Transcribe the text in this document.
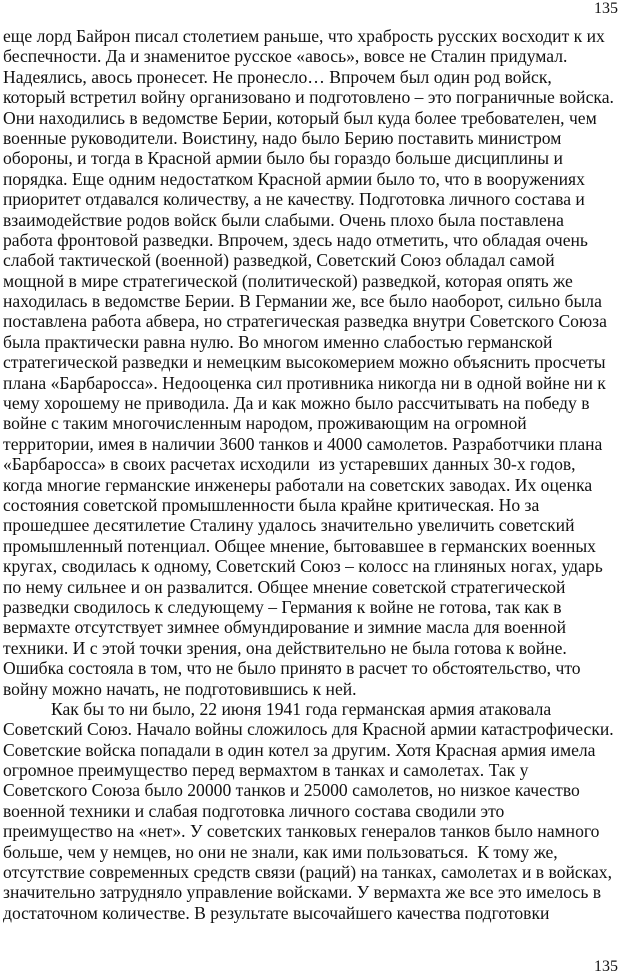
135
еще лорд Байрон писал столетием раньше, что храбрость русских восходит к их
беспечности. Да и знаменитое русское «авось», вовсе не Сталин придумал.
Надеялись, авось пронесет. Не пронесло… Впрочем был один род войск,
который встретил войну организовано и подготовлено – это пограничные войска.
Они находились в ведомстве Берии, который был куда более требователен, чем
военные руководители. Воистину, надо было Берию поставить министром
обороны, и тогда в Красной армии было бы гораздо больше дисциплины и
порядка. Еще одним недостатком Красной армии было то, что в вооружениях
приоритет отдавался количеству, а не качеству. Подготовка личного состава и
взаимодействие родов войск были слабыми. Очень плохо была поставлена
работа фронтовой разведки. Впрочем, здесь надо отметить, что обладая очень
слабой тактической (военной) разведкой, Советский Союз обладал самой
мощной в мире стратегической (политической) разведкой, которая опять же
находилась в ведомстве Берии. В Германии же, все было наоборот, сильно была
поставлена работа абвера, но стратегическая разведка внутри Советского Союза
была практически равна нулю. Во многом именно слабостью германской
стратегической разведки и немецким высокомерием можно объяснить просчеты
плана «Барбаросса». Недооценка сил противника никогда ни в одной войне ни к
чему хорошему не приводила. Да и как можно было рассчитывать на победу в
войне с таким многочисленным народом, проживающим на огромной
территории, имея в наличии 3600 танков и 4000 самолетов. Разработчики плана
«Барбаросса» в своих расчетах исходили  из устаревших данных 30-х годов,
когда многие германские инженеры работали на советских заводах. Их оценка
состояния советской промышленности была крайне критическая. Но за
прошедшее десятилетие Сталину удалось значительно увеличить советский
промышленный потенциал. Общее мнение, бытовавшее в германских военных
кругах, сводилась к одному, Советский Союз – колосс на глиняных ногах, ударь
по нему сильнее и он развалится. Общее мнение советской стратегической
разведки сводилось к следующему – Германия к войне не готова, так как в
вермахте отсутствует зимнее обмундирование и зимние масла для военной
техники. И с этой точки зрения, она действительно не была готова к войне.
Ошибка состояла в том, что не было принято в расчет то обстоятельство, что
войну можно начать, не подготовившись к ней.
Как бы то ни было, 22 июня 1941 года германская армия атаковала
Советский Союз. Начало войны сложилось для Красной армии катастрофически.
Советские войска попадали в один котел за другим. Хотя Красная армия имела
огромное преимущество перед вермахтом в танках и самолетах. Так у
Советского Союза было 20000 танков и 25000 самолетов, но низкое качество
военной техники и слабая подготовка личного состава сводили это
преимущество на «нет». У советских танковых генералов танков было намного
больше, чем у немцев, но они не знали, как ими пользоваться.  К тому же,
отсутствие современных средств связи (раций) на танках, самолетах и в войсках,
значительно затрудняло управление войсками. У вермахта же все это имелось в
достаточном количестве. В результате высочайшего качества подготовки
135
